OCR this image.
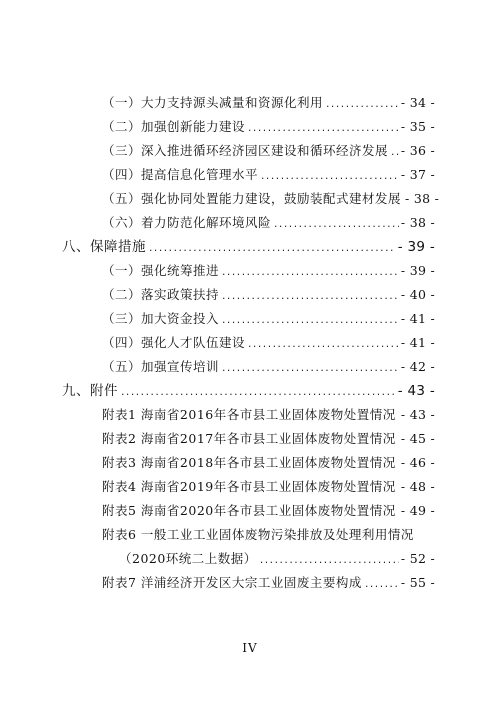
（一）大力支持源头减量和资源化利用 .....	- 34 -
（二）加强创新能力建设 .....	- 35 -
（三）深入推进循环经济园区建设和循环经济发展 ..... - 36 -
（四）提高信息化管理水平 .....	- 37 -
（五）强化协同处置能力建设，鼓励装配式建材发展 - 38 -
（六）着力防范化解环境风险 .....	- 38 -
八、保障措施 .....	- 39 -
（一）强化统筹推进 .....	- 39 -
（二）落实政策扶持 .....	- 40 -
（三）加大资金投入 .....	- 41 -
（四）强化人才队伍建设 .....	- 41 -
（五）加强宣传培训 .....	- 42 -
九、附件 .....	- 43 -
附表1 海南省2016年各市县工业固体废物处置情况 ..... - 43 -
附表2 海南省2017年各市县工业固体废物处置情况 ..... - 45 -
附表3 海南省2018年各市县工业固体废物处置情况 ..... - 46 -
附表4 海南省2019年各市县工业固体废物处置情况 ..... - 48 -
附表5 海南省2020年各市县工业固体废物处置情况 ..... - 49 -
附表6 一般工业工业固体废物污染排放及处理利用情况
（2020环统二上数据） .....	- 52 -
附表7 洋浦经济开发区大宗工业固废主要构成 .....	- 55 -
IV
